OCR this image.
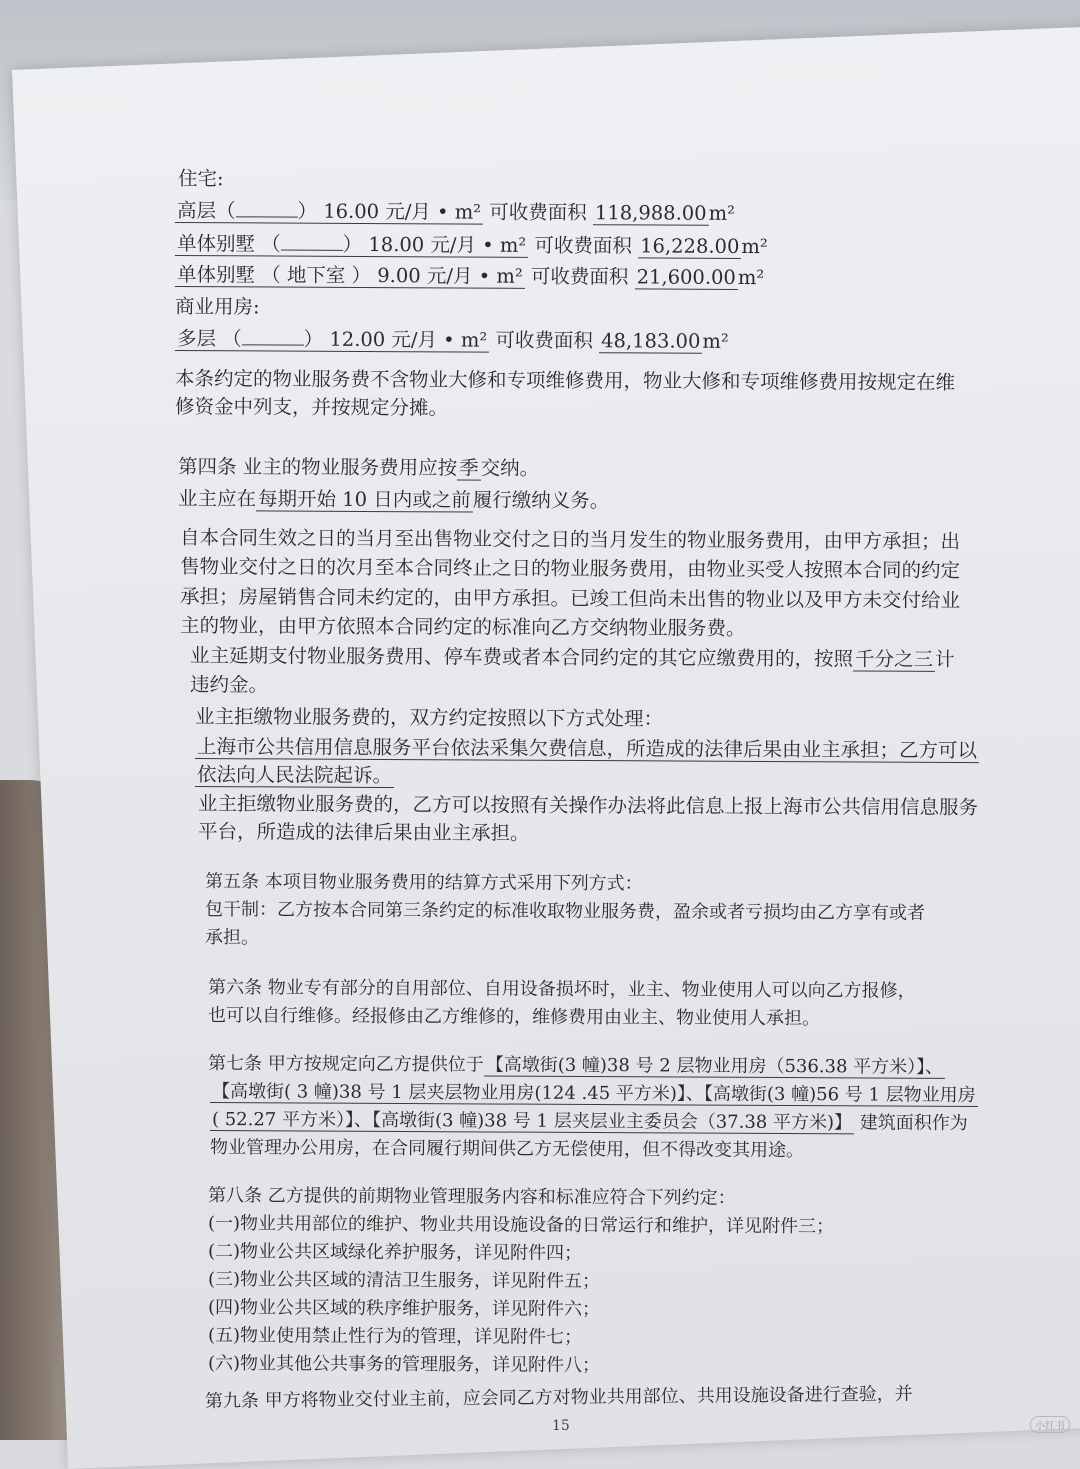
住宅:
高层（	） 16.00 元/月 • m² 可收费面积 118,988.00m²
单体别墅 （	） 18.00 元/月 • m² 可收费面积 16,228.00m²
单体别墅 （ 地下室 ） 9.00 元/月 • m² 可收费面积 21,600.00m²
商业用房:
多层 （	） 12.00 元/月 • m² 可收费面积 48,183.00m²
本条约定的物业服务费不含物业大修和专项维修费用，物业大修和专项维修费用按规定在维
修资金中列支，并按规定分摊。
第四条 业主的物业服务费用应按季交纳。
业主应在每期开始 10 日内或之前履行缴纳义务。
自本合同生效之日的当月至出售物业交付之日的当月发生的物业服务费用，由甲方承担；出
售物业交付之日的次月至本合同终止之日的物业服务费用，由物业买受人按照本合同的约定
承担；房屋销售合同未约定的，由甲方承担。已竣工但尚未出售的物业以及甲方未交付给业
主的物业，由甲方依照本合同约定的标准向乙方交纳物业服务费。
业主延期支付物业服务费用、停车费或者本合同约定的其它应缴费用的，按照千分之三计
违约金。
业主拒缴物业服务费的，双方约定按照以下方式处理：
上海市公共信用信息服务平台依法采集欠费信息，所造成的法律后果由业主承担；乙方可以
依法向人民法院起诉。
业主拒缴物业服务费的，乙方可以按照有关操作办法将此信息上报上海市公共信用信息服务
平台，所造成的法律后果由业主承担。
第五条 本项目物业服务费用的结算方式采用下列方式：
包干制：乙方按本合同第三条约定的标准收取物业服务费，盈余或者亏损均由乙方享有或者
承担。
第六条 物业专有部分的自用部位、自用设备损坏时，业主、物业使用人可以向乙方报修，
也可以自行维修。经报修由乙方维修的，维修费用由业主、物业使用人承担。
第七条 甲方按规定向乙方提供位于 【高墩街(3 幢)38 号 2 层物业用房（536.38 平方米）】、
【高墩街( 3 幢)38 号 1 层夹层物业用房(124 .45 平方米)】、【高墩街(3 幢)56 号 1 层物业用房
( 52.27 平方米）】、【高墩街(3 幢)38 号 1 层夹层业主委员会（37.38 平方米)】 建筑面积作为
物业管理办公用房，在合同履行期间供乙方无偿使用，但不得改变其用途。
第八条 乙方提供的前期物业管理服务内容和标准应符合下列约定：
(一)物业共用部位的维护、物业共用设施设备的日常运行和维护，详见附件三；
(二)物业公共区域绿化养护服务，详见附件四；
(三)物业公共区域的清洁卫生服务，详见附件五；
(四)物业公共区域的秩序维护服务，详见附件六；
(五)物业使用禁止性行为的管理，详见附件七；
(六)物业其他公共事务的管理服务，详见附件八；
第九条 甲方将物业交付业主前，应会同乙方对物业共用部位、共用设施设备进行查验，并
15	小红书
